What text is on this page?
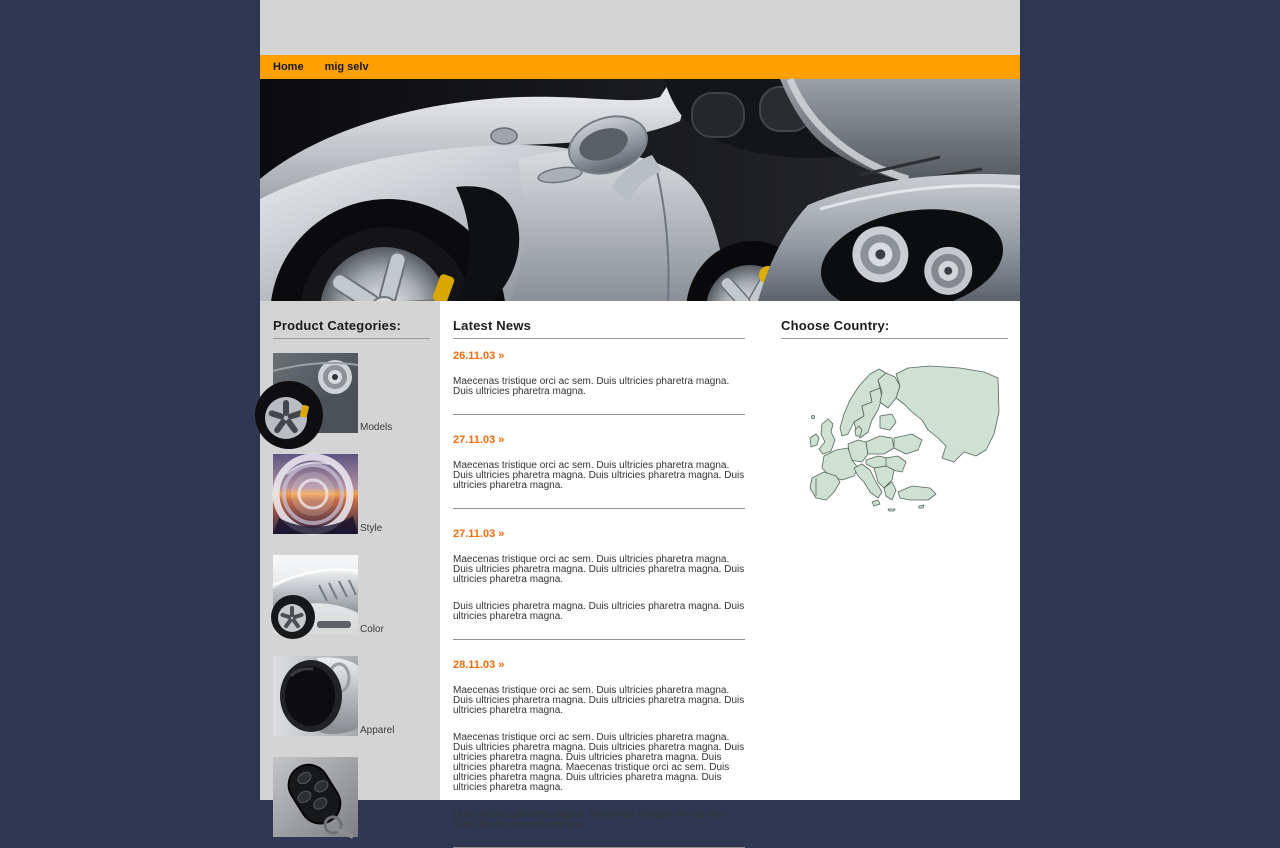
Home mig selv
Product Categories:
Models
Style
Color
Apparel
Latest News
26.11.03 »

Maecenas tristique orci ac sem. Duis ultricies pharetra magna. Duis ultricies pharetra magna.

27.11.03 »

Maecenas tristique orci ac sem. Duis ultricies pharetra magna. Duis ultricies pharetra magna. Duis ultricies pharetra magna. Duis ultricies pharetra magna.

27.11.03 »

Maecenas tristique orci ac sem. Duis ultricies pharetra magna. Duis ultricies pharetra magna. Duis ultricies pharetra magna. Duis ultricies pharetra magna.

Duis ultricies pharetra magna. Duis ultricies pharetra magna. Duis ultricies pharetra magna.

28.11.03 »

Maecenas tristique orci ac sem. Duis ultricies pharetra magna. Duis ultricies pharetra magna. Duis ultricies pharetra magna. Duis ultricies pharetra magna.

Maecenas tristique orci ac sem. Duis ultricies pharetra magna. Duis ultricies pharetra magna. Duis ultricies pharetra magna. Duis ultricies pharetra magna. Duis ultricies pharetra magna. Duis ultricies pharetra magna. Maecenas tristique orci ac sem. Duis ultricies pharetra magna. Duis ultricies pharetra magna. Duis ultricies pharetra magna.

Duis ultricies pharetra magna. Maecenas tristique orci ac sem. Duis ultricies pharetra magna.

Choose Country:
